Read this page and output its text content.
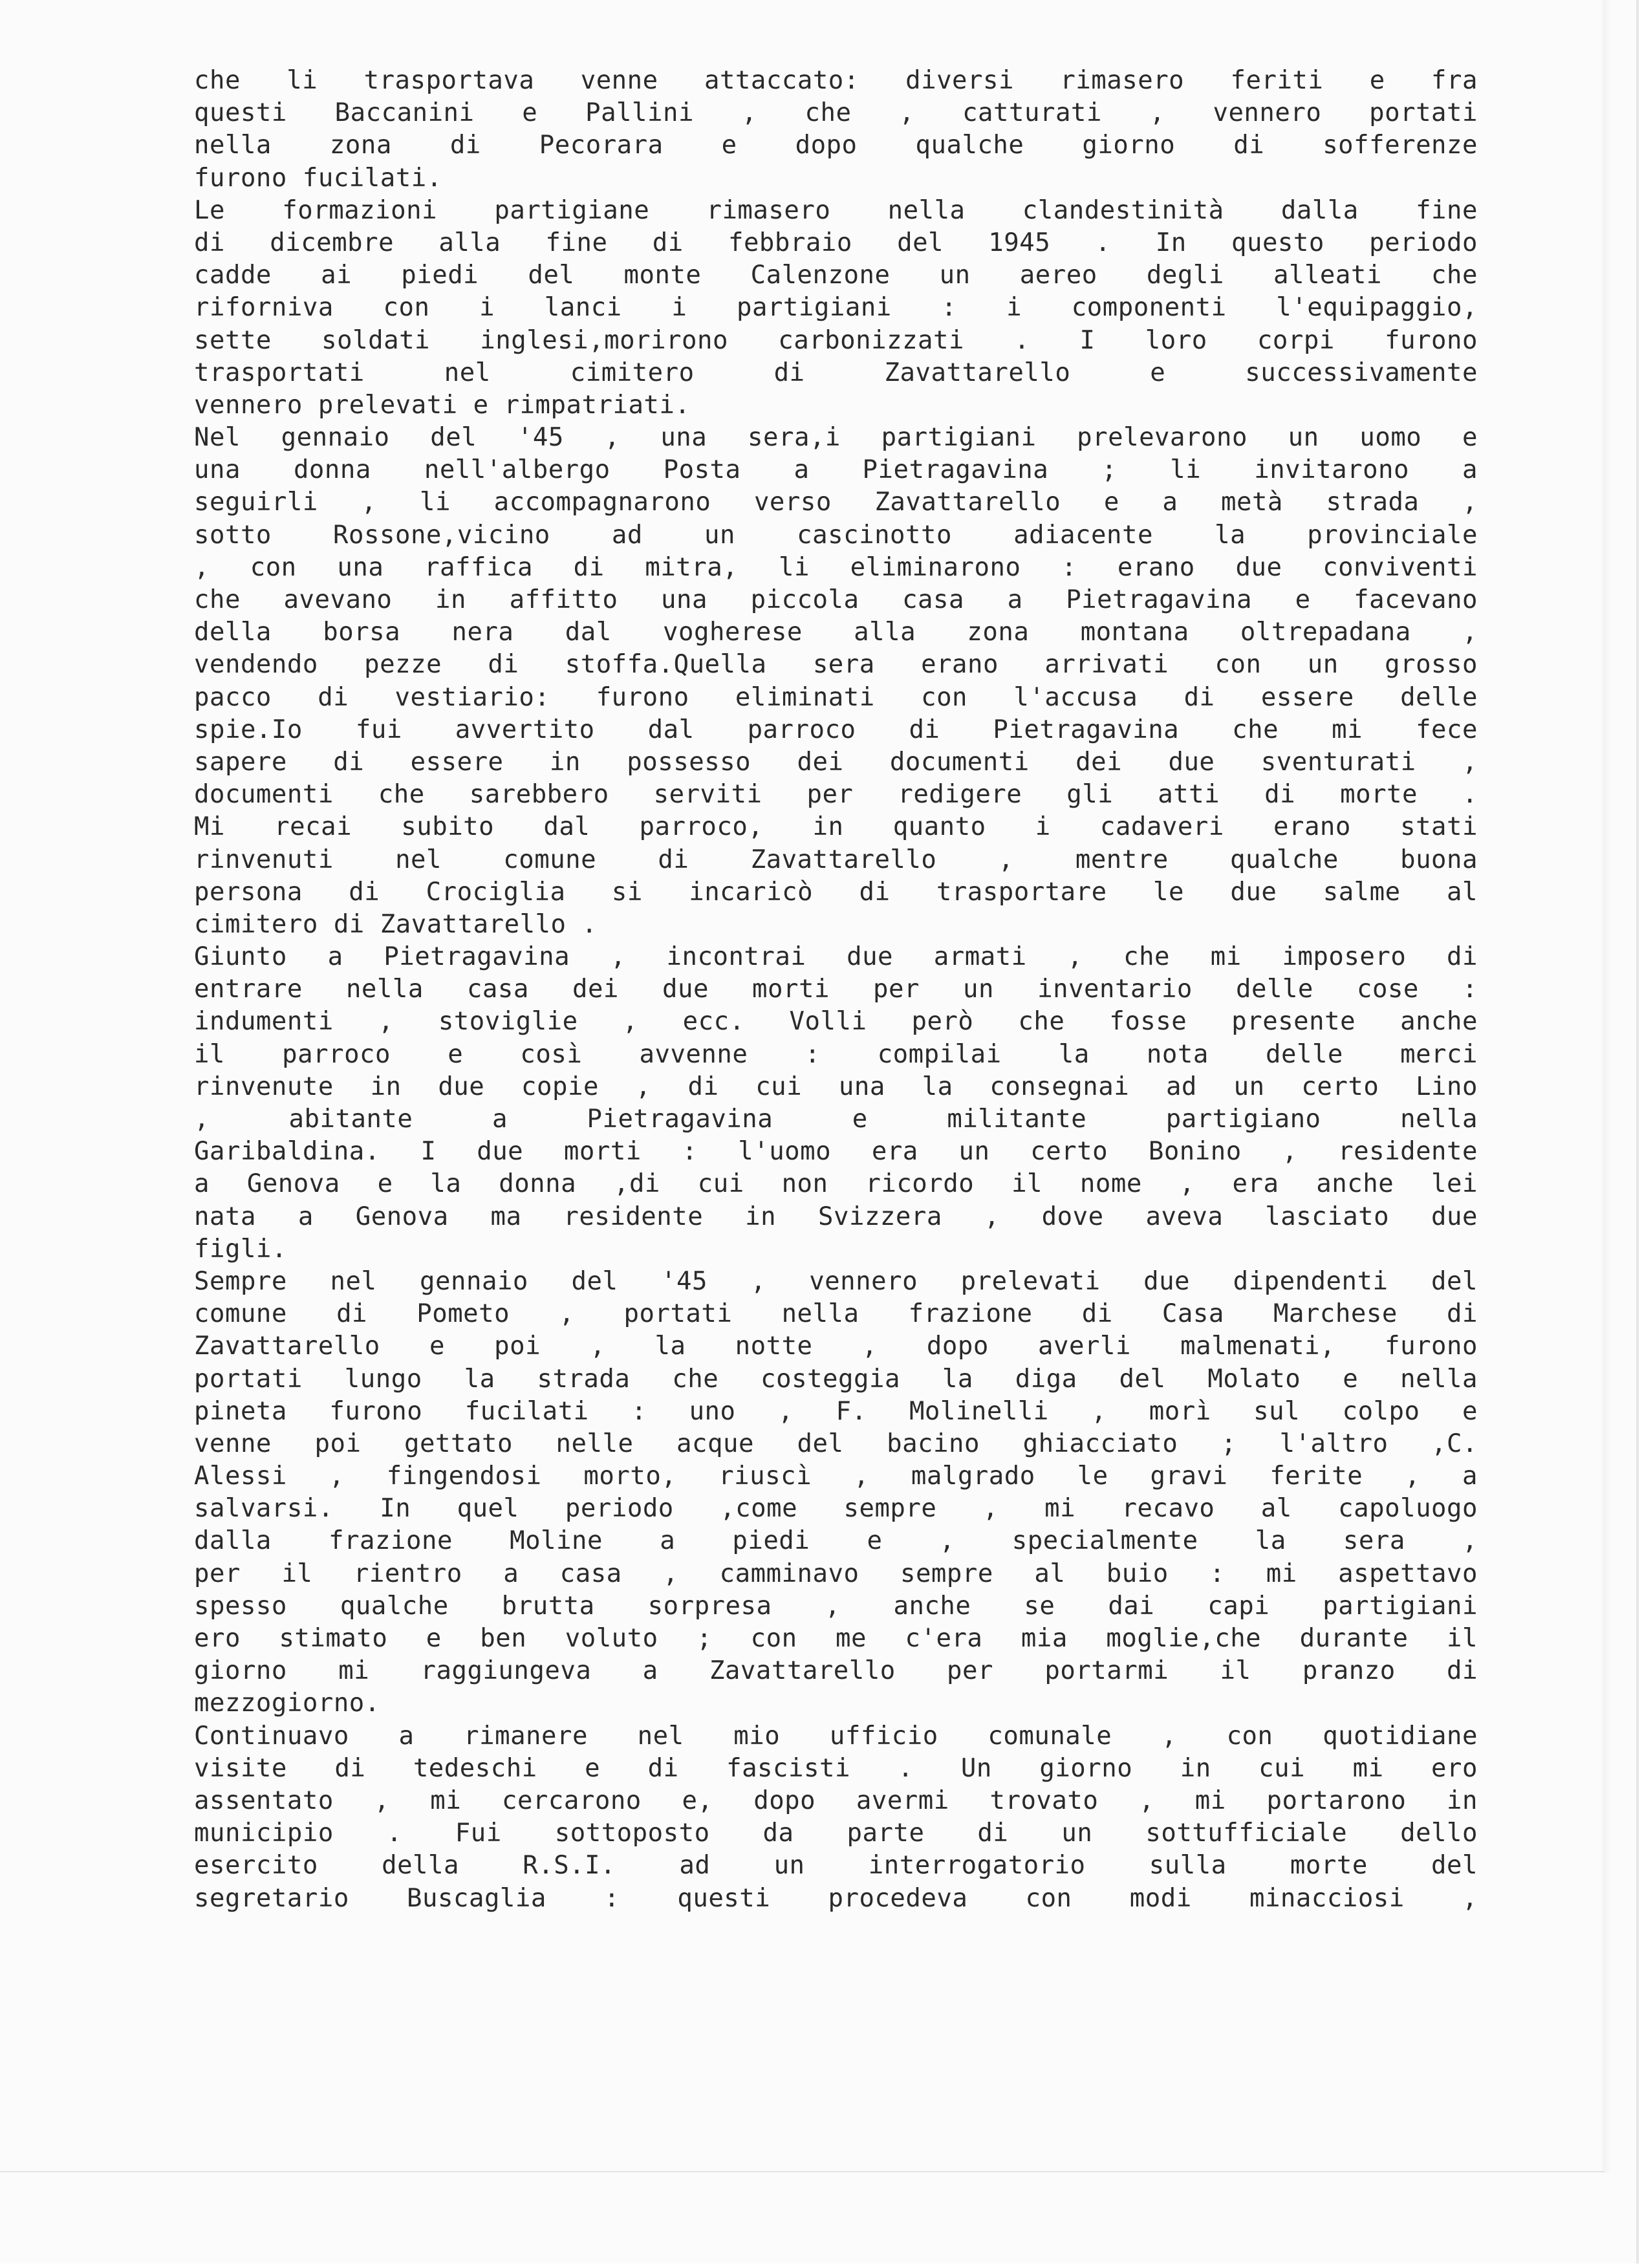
che li trasportava venne attaccato: diversi rimasero feriti e fra
questi Baccanini e Pallini , che , catturati , vennero portati
nella zona di Pecorara e dopo qualche giorno di sofferenze
furono fucilati.
Le formazioni partigiane rimasero nella clandestinità dalla fine
di dicembre alla fine di febbraio del 1945 . In questo periodo
cadde ai piedi del monte Calenzone un aereo degli alleati che
riforniva con i lanci i partigiani : i componenti l'equipaggio,
sette soldati inglesi,morirono carbonizzati . I loro corpi furono
trasportati nel cimitero di Zavattarello e successivamente
vennero prelevati e rimpatriati.
Nel gennaio del '45 , una sera,i partigiani prelevarono un uomo e
una donna nell'albergo Posta a Pietragavina ; li invitarono a
seguirli , li accompagnarono verso Zavattarello e a metà strada ,
sotto Rossone,vicino ad un cascinotto adiacente la provinciale
, con una raffica di mitra, li eliminarono : erano due conviventi
che avevano in affitto una piccola casa a Pietragavina e facevano
della borsa nera dal vogherese alla zona montana oltrepadana ,
vendendo pezze di stoffa.Quella sera erano arrivati con un grosso
pacco di vestiario: furono eliminati con l'accusa di essere delle
spie.Io fui avvertito dal parroco di Pietragavina che mi fece
sapere di essere in possesso dei documenti dei due sventurati ,
documenti che sarebbero serviti per redigere gli atti di morte .
Mi recai subito dal parroco, in quanto i cadaveri erano stati
rinvenuti nel comune di Zavattarello , mentre qualche buona
persona di Crociglia si incaricò di trasportare le due salme al
cimitero di Zavattarello .
Giunto a Pietragavina , incontrai due armati , che mi imposero di
entrare nella casa dei due morti per un inventario delle cose :
indumenti , stoviglie , ecc. Volli però che fosse presente anche
il parroco e così avvenne : compilai la nota delle merci
rinvenute in due copie , di cui una la consegnai ad un certo Lino
, abitante a Pietragavina e militante partigiano nella
Garibaldina. I due morti : l'uomo era un certo Bonino , residente
a Genova e la donna ,di cui non ricordo il nome , era anche lei
nata a Genova ma residente in Svizzera , dove aveva lasciato due
figli.
Sempre nel gennaio del '45 , vennero prelevati due dipendenti del
comune di Pometo , portati nella frazione di Casa Marchese di
Zavattarello e poi , la notte , dopo averli malmenati, furono
portati lungo la strada che costeggia la diga del Molato e nella
pineta furono fucilati : uno , F. Molinelli , morì sul colpo e
venne poi gettato nelle acque del bacino ghiacciato ; l'altro ,C.
Alessi , fingendosi morto, riuscì , malgrado le gravi ferite , a
salvarsi. In quel periodo ,come sempre , mi recavo al capoluogo
dalla frazione Moline a piedi e , specialmente la sera ,
per il rientro a casa , camminavo sempre al buio : mi aspettavo
spesso qualche brutta sorpresa , anche se dai capi partigiani
ero stimato e ben voluto ; con me c'era mia moglie,che durante il
giorno mi raggiungeva a Zavattarello per portarmi il pranzo di
mezzogiorno.
Continuavo a rimanere nel mio ufficio comunale , con quotidiane
visite di tedeschi e di fascisti . Un giorno in cui mi ero
assentato , mi cercarono e, dopo avermi trovato , mi portarono in
municipio . Fui sottoposto da parte di un sottufficiale dello
esercito della R.S.I. ad un interrogatorio sulla morte del
segretario Buscaglia : questi procedeva con modi minacciosi ,
